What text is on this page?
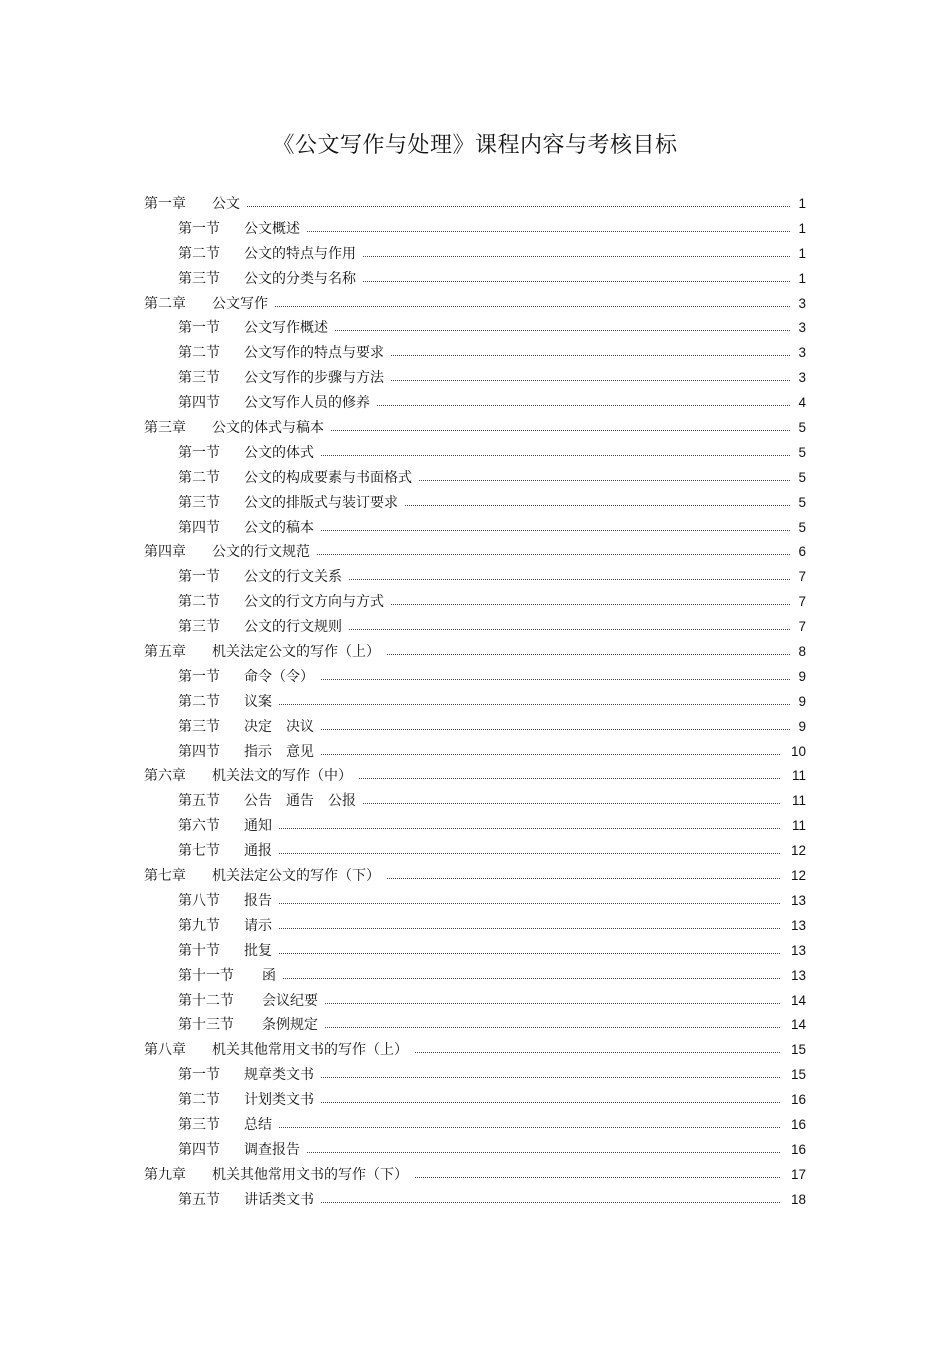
《公文写作与处理》课程内容与考核目标
第一章 公文	1
第一节 公文概述	1
第二节 公文的特点与作用	1
第三节 公文的分类与名称	1
第二章 公文写作	3
第一节 公文写作概述	3
第二节 公文写作的特点与要求	3
第三节 公文写作的步骤与方法	3
第四节 公文写作人员的修养	4
第三章 公文的体式与稿本	5
第一节 公文的体式	5
第二节 公文的构成要素与书面格式	5
第三节 公文的排版式与装订要求	5
第四节 公文的稿本	5
第四章 公文的行文规范	6
第一节 公文的行文关系	7
第二节 公文的行文方向与方式	7
第三节 公文的行文规则	7
第五章 机关法定公文的写作（上）	8
第一节 命令（令）	9
第二节 议案	9
第三节 决定　决议	9
第四节 指示　意见	10
第六章 机关法文的写作（中）	11
第五节 公告　通告　公报	11
第六节 通知	11
第七节 通报	12
第七章 机关法定公文的写作（下）	12
第八节 报告	13
第九节 请示	13
第十节 批复	13
第十一节 函	13
第十二节 会议纪要	14
第十三节 条例规定	14
第八章 机关其他常用文书的写作（上）	15
第一节 规章类文书	15
第二节 计划类文书	16
第三节 总结	16
第四节 调查报告	16
第九章 机关其他常用文书的写作（下）	17
第五节 讲话类文书	18
